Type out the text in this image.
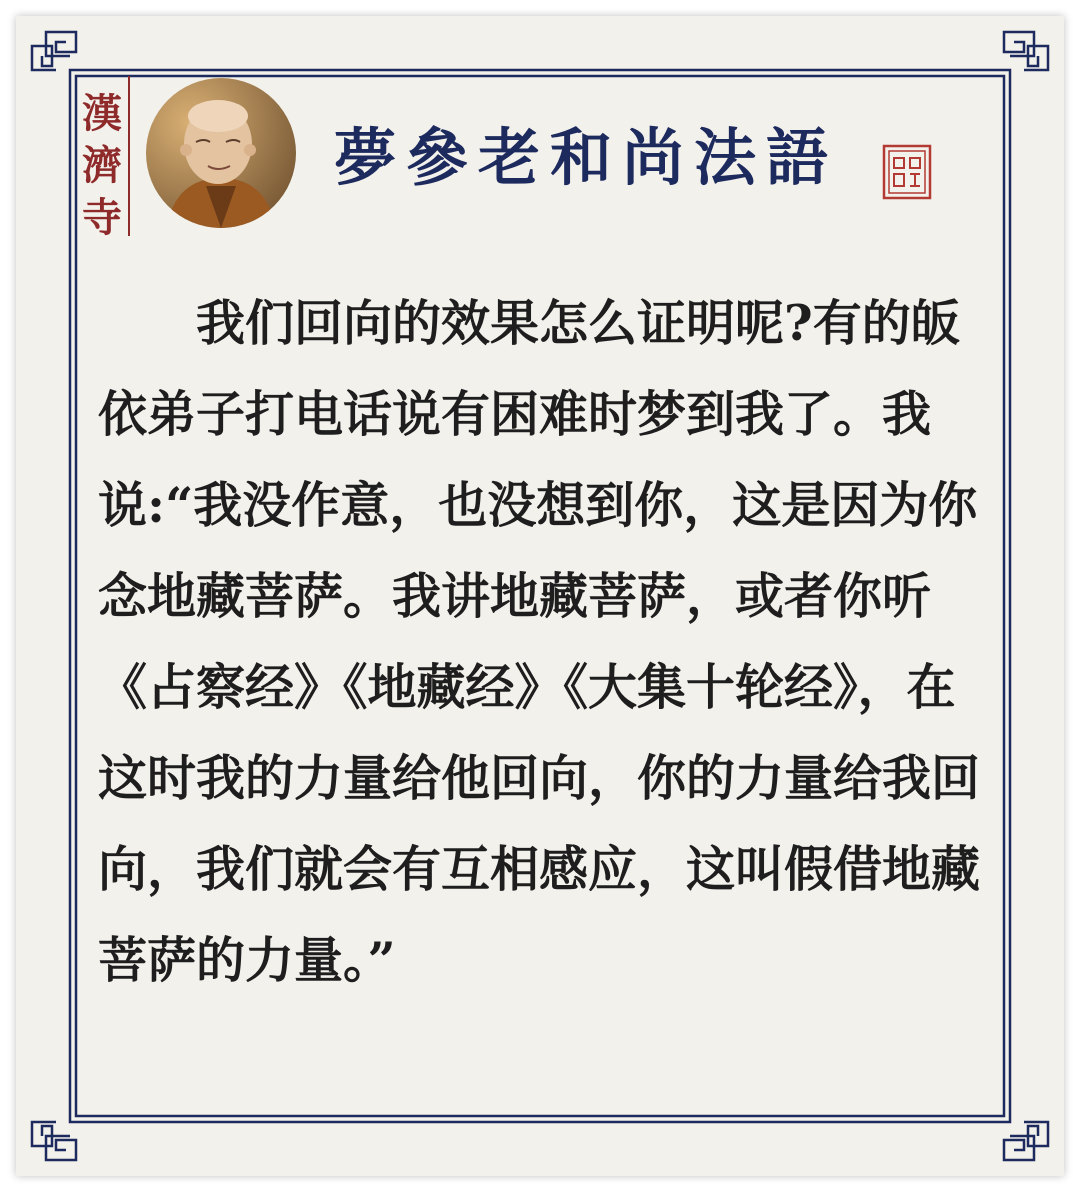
漢
濟
寺
夢參老和尚法語

我们回向的效果怎么证明呢?有的皈依弟子打电话说有困难时梦到我了。我说:“我没作意，也没想到你，这是因为你念地藏菩萨。我讲地藏菩萨，或者你听《占察经》《地藏经》《大集十轮经》，在这时我的力量给他回向，你的力量给我回向，我们就会有互相感应，这叫假借地藏菩萨的力量。”
